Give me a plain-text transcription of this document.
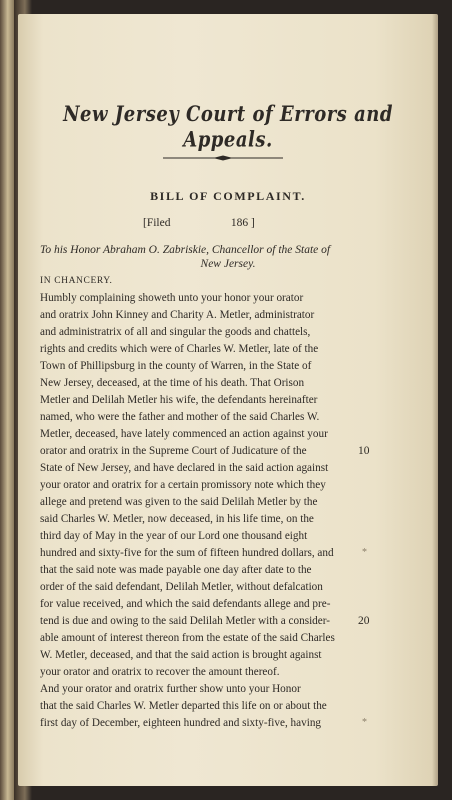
New Jersey Court of Errors and Appeals.
BILL OF COMPLAINT.
[Filed                     186 ]
To his Honor Abraham O. Zabriskie, Chancellor of the State of
New Jersey.
IN CHANCERY.
Humbly complaining showeth unto your honor your orator
and oratrix John Kinney and Charity A. Metler, administrator
and administratrix of all and singular the goods and chattels,
rights and credits which were of Charles W. Metler, late of the
Town of Phillipsburg in the county of Warren, in the State of
New Jersey, deceased, at the time of his death. That Orison
Metler and Delilah Metler his wife, the defendants hereinafter
named, who were the father and mother of the said Charles W.
Metler, deceased, have lately commenced an action against your
orator and oratrix in the Supreme Court of Judicature of the
State of New Jersey, and have declared in the said action against
your orator and oratrix for a certain promissory note which they
allege and pretend was given to the said Delilah Metler by the
said Charles W. Metler, now deceased, in his life time, on the
third day of May in the year of our Lord one thousand eight
hundred and sixty-five for the sum of fifteen hundred dollars, and
that the said note was made payable one day after date to the
order of the said defendant, Delilah Metler, without defalcation
for value received, and which the said defendants allege and pre-
tend is due and owing to the said Delilah Metler with a consider-
able amount of interest thereon from the estate of the said Charles
W. Metler, deceased, and that the said action is brought against
your orator and oratrix to recover the amount thereof.
And your orator and oratrix further show unto your Honor
that the said Charles W. Metler departed this life on or about the
first day of December, eighteen hundred and sixty-five, having
10
20
*
*
